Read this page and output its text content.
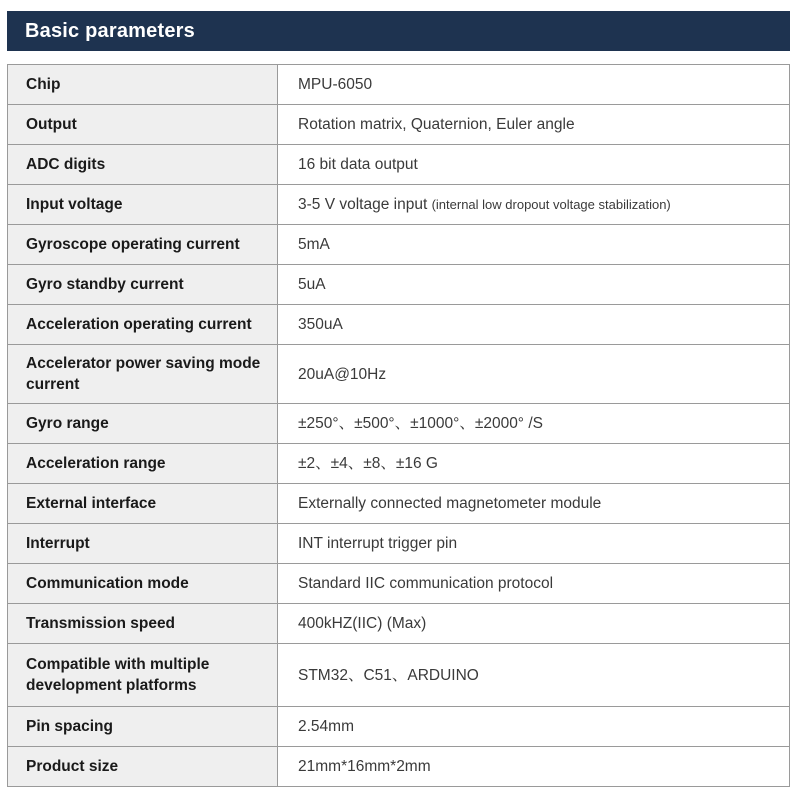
Basic parameters
Chip	MPU-6050
Output	Rotation matrix, Quaternion, Euler angle
ADC digits	16 bit data output
Input voltage	3-5 V voltage input (internal low dropout voltage stabilization)
Gyroscope operating current	5mA
Gyro standby current	5uA
Acceleration operating current	350uA
Accelerator power saving mode current	20uA@10Hz
Gyro range	±250°、±500°、±1000°、±2000° /S
Acceleration range	±2、±4、±8、±16 G
External interface	Externally connected magnetometer module
Interrupt	INT interrupt trigger pin
Communication mode	Standard IIC communication protocol
Transmission speed	400kHZ(IIC) (Max)
Compatible with multiple development platforms	STM32、C51、ARDUINO
Pin spacing	2.54mm
Product size	21mm*16mm*2mm
